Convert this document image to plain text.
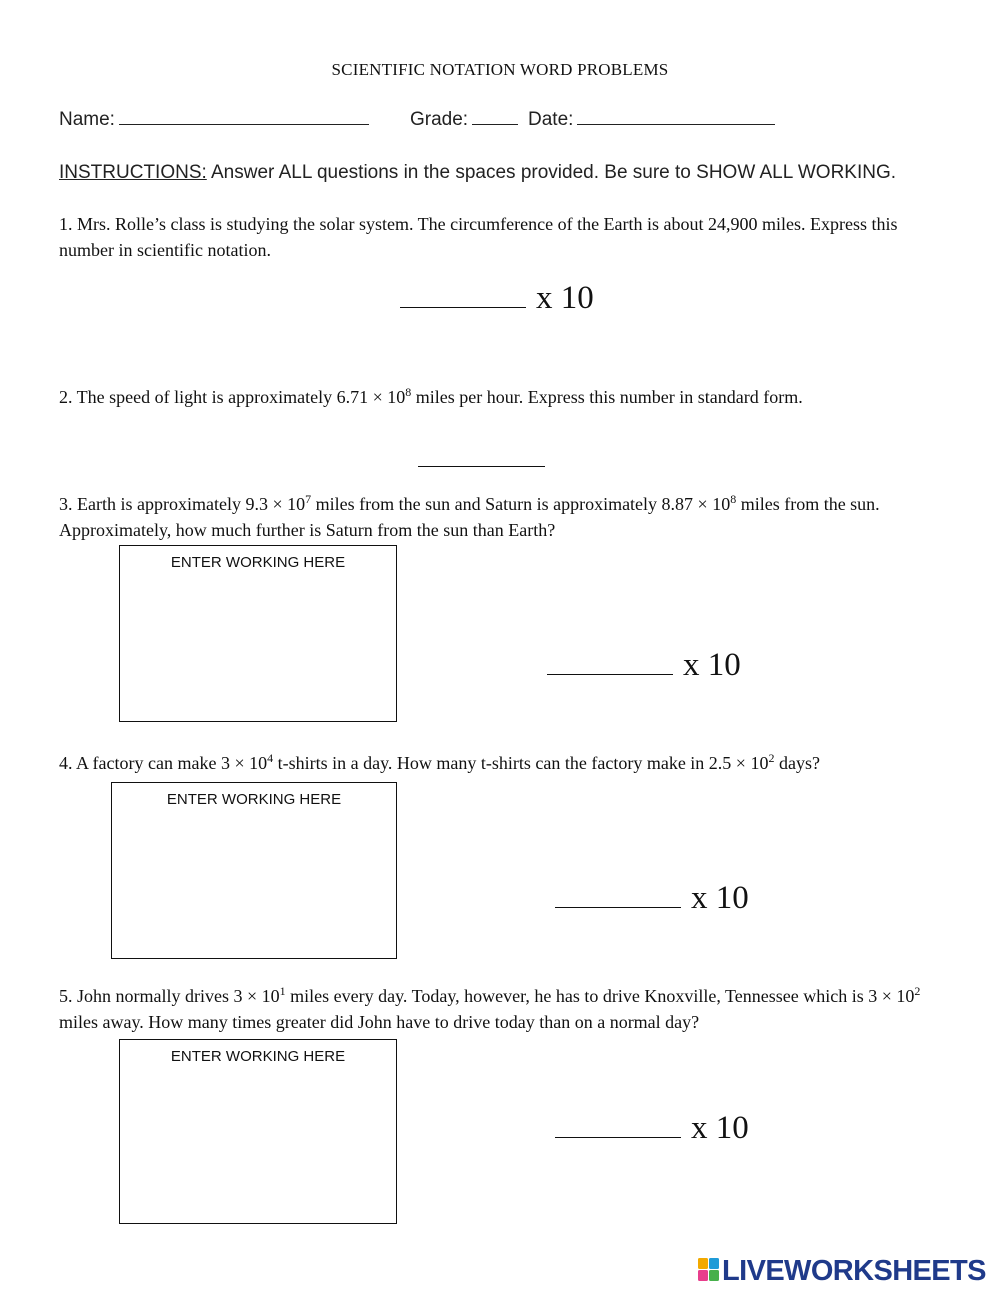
SCIENTIFIC NOTATION WORD PROBLEMS
Name:	Grade:	Date:
INSTRUCTIONS: Answer ALL questions in the spaces provided. Be sure to SHOW ALL WORKING.
1. Mrs. Rolle’s class is studying the solar system. The circumference of the Earth is about 24,900 miles. Express this number in scientific notation.
x 10
2. The speed of light is approximately $6.71 \times 10^8$ miles per hour. Express this number in standard form.
3. Earth is approximately $9.3 \times 10^7$ miles from the sun and Saturn is approximately $8.87 \times 10^8$ miles from the sun. Approximately, how much further is Saturn from the sun than Earth?
ENTER WORKING HERE
x 10
4. A factory can make $3 \times 10^4$ t-shirts in a day. How many t-shirts can the factory make in $2.5 \times 10^2$ days?
ENTER WORKING HERE
x 10
5. John normally drives $3 \times 10^1$ miles every day. Today, however, he has to drive Knoxville, Tennessee which is $3 \times 10^2$ miles away. How many times greater did John have to drive today than on a normal day?
ENTER WORKING HERE
x 10
LIVEWORKSHEETS
